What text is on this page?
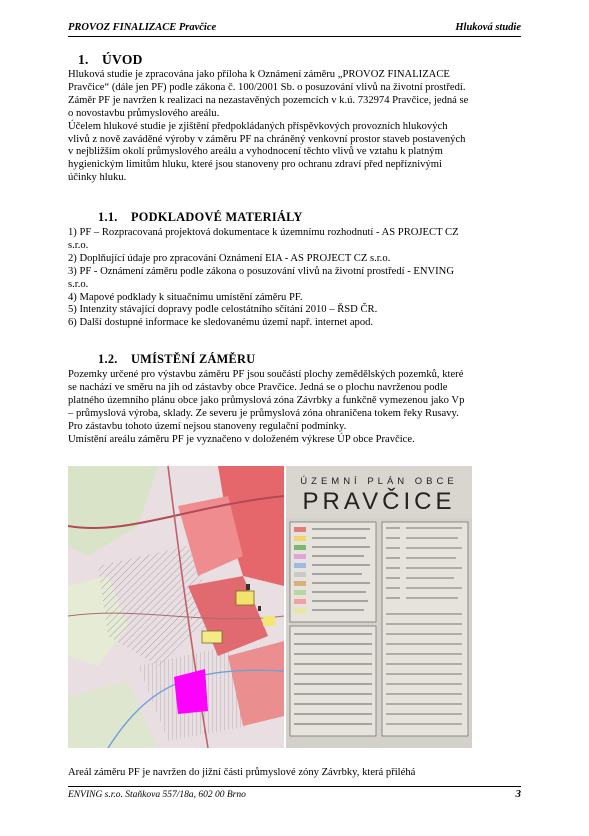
PROVOZ FINALIZACE Pravčice	Hluková studie
1. ÚVOD
Hluková studie je zpracována jako příloha k Oznámení záměru „PROVOZ FINALIZACE
Pravčice“ (dále jen PF) podle zákona č. 100/2001 Sb. o posuzování vlivů na životní prostředí.
Záměr PF je navržen k realizaci na nezastavěných pozemcích v k.ú. 732974 Pravčice, jedná se
o novostavbu průmyslového areálu.
Účelem hlukové studie je zjištění předpokládaných příspěvkových provozních hlukových
vlivů z nově zaváděné výroby v záměru PF na chráněný venkovní prostor staveb postavených
v nejbližším okolí průmyslového areálu a vyhodnocení těchto vlivů ve vztahu k platným
hygienickým limitům hluku, které jsou stanoveny pro ochranu zdraví před nepříznivými
účinky hluku.
1.1. PODKLADOVÉ MATERIÁLY
1) PF – Rozpracovaná projektová dokumentace k územnímu rozhodnutí - AS PROJECT CZ
s.r.o.
2) Doplňující údaje pro zpracování Oznámení EIA - AS PROJECT CZ s.r.o.
3) PF - Oznámení záměru podle zákona o posuzování vlivů na životní prostředí - ENVING
s.r.o.
4) Mapové podklady k situačnímu umístění záměru PF.
5) Intenzity stávající dopravy podle celostátního sčítání 2010 – ŘSD ČR.
6) Další dostupné informace ke sledovanému území např. internet apod.
1.2. UMÍSTĚNÍ ZÁMĚRU
Pozemky určené pro výstavbu záměru PF jsou součástí plochy zemědělských pozemků, které
se nachází ve směru na jih od zástavby obce Pravčice. Jedná se o plochu navrženou podle
platného územního plánu obce jako průmyslová zóna Závrbky a funkčně vymezenou jako Vp
– průmyslová výroba, sklady. Ze severu je průmyslová zóna ohraničena tokem řeky Rusavy.
Pro zástavbu tohoto území nejsou stanoveny regulační podmínky.
Umístění areálu záměru PF je vyznačeno v doloženém výkrese ÚP obce Pravčice.
ÚZEMNÍ PLÁN OBCE
PRAVČICE
Areál záměru PF je navržen do jižní části průmyslové zóny Závrbky, která přiléhá
ENVING s.r.o. Staňkova 557/18a, 602 00 Brno	3
